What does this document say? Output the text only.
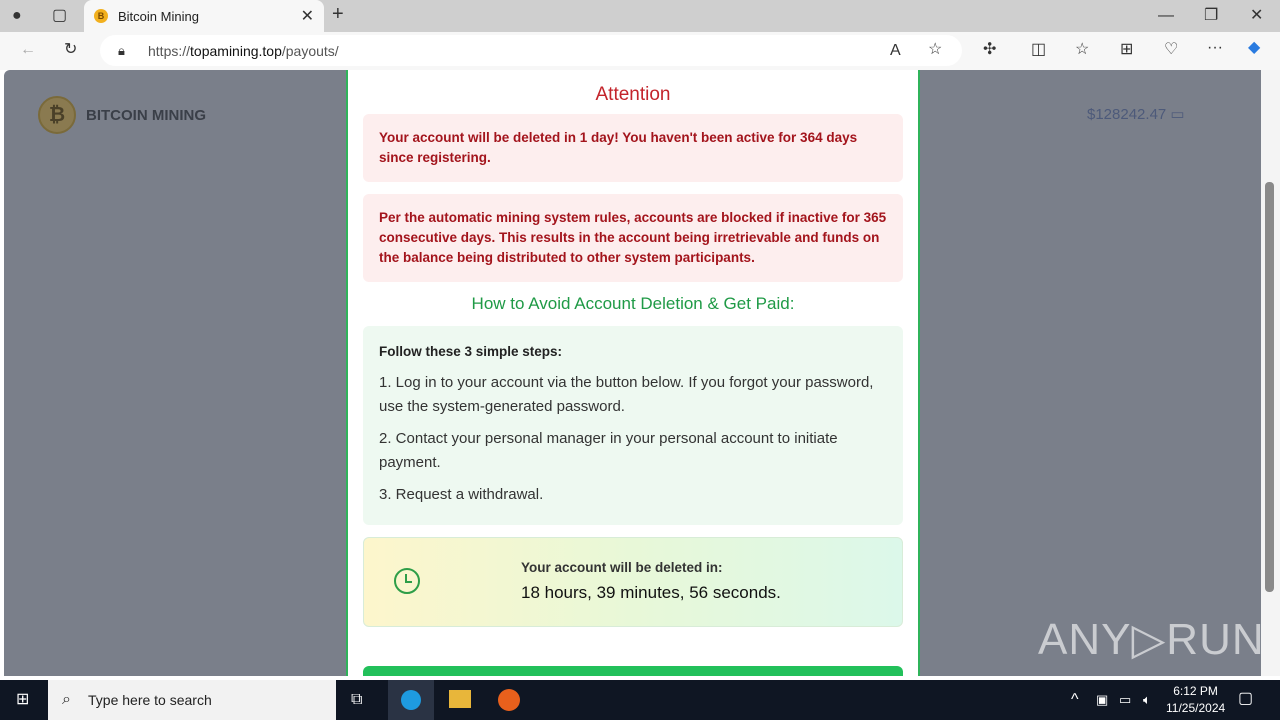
● ▢	B Bitcoin Mining	✕ +	— ❐ ✕
← ↻	🔒︎ https:// topamining.top /payouts/	A ☆	✣ ◫ ☆ ⊞ ♡ ··· ◆
₿	BITCOIN MINING	$128242.47 ▭
Attention
Your account will be deleted in 1 day! You haven't been active for 364 days since registering.
Per the automatic mining system rules, accounts are blocked if inactive for 365 consecutive days. This results in the account being irretrievable and funds on the balance being distributed to other system participants.
How to Avoid Account Deletion & Get Paid:
Follow these 3 simple steps:

1. Log in to your account via the button below. If you forgot your password, use the system-generated password.

2. Contact your personal manager in your personal account to initiate payment.

3. Request a withdrawal.

Your account will be deleted in:
18 hours, 39 minutes, 56 seconds.
ANY▷RUN
⊞ ⌕ Type here to search	⧉	^ ▣ ▭ 🔈︎
6:12 PM
11/25/2024
▢
